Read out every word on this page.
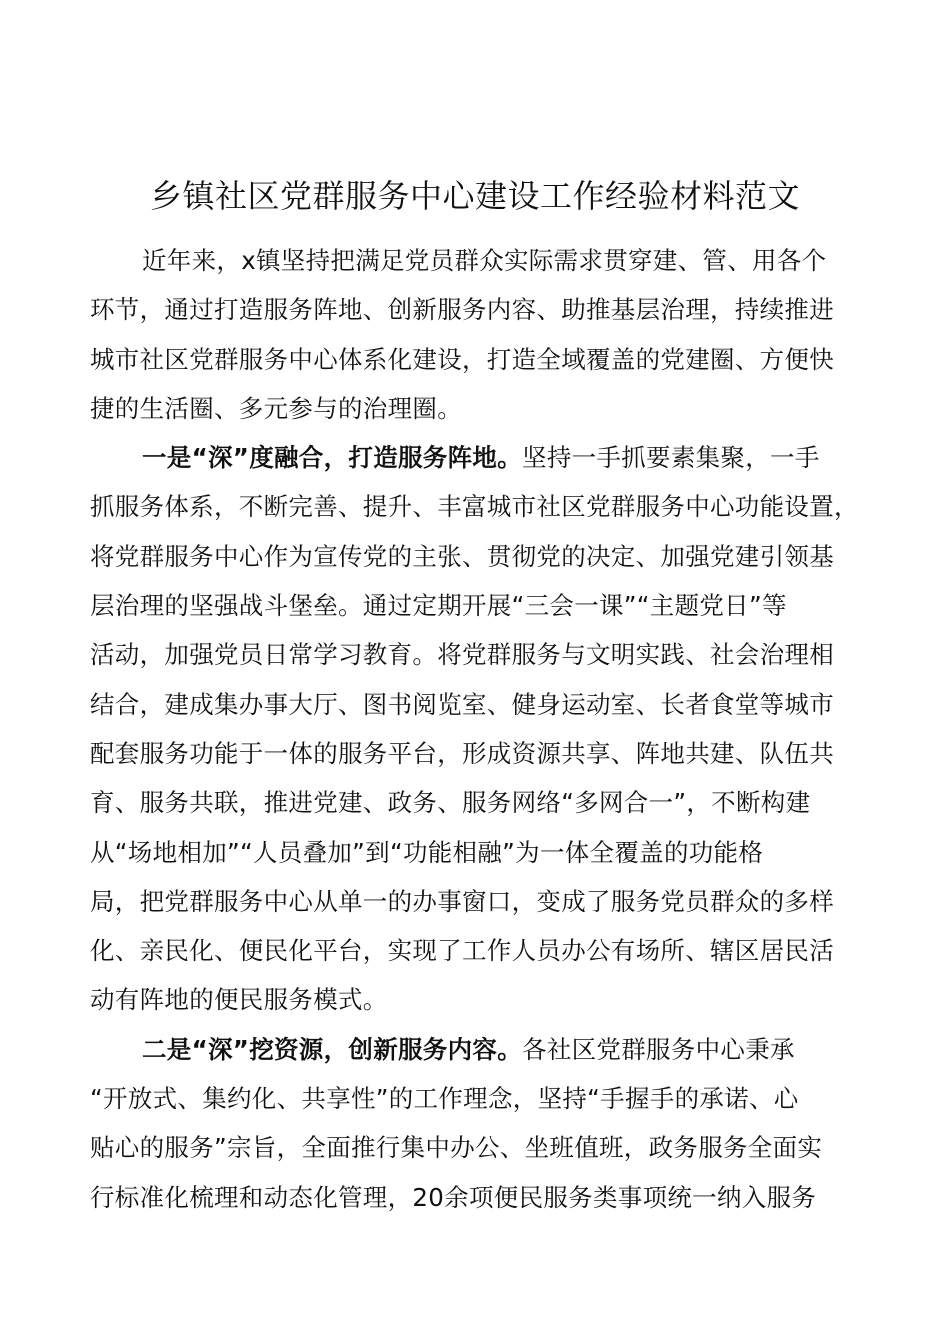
乡镇社区党群服务中心建设工作经验材料范文
近年来，x镇坚持把满足党员群众实际需求贯穿建、管、用各个
环节，通过打造服务阵地、创新服务内容、助推基层治理，持续推进
城市社区党群服务中心体系化建设，打造全域覆盖的党建圈、方便快
捷的生活圈、多元参与的治理圈。
一是“深”度融合，打造服务阵地。坚持一手抓要素集聚，一手
抓服务体系，不断完善、提升、丰富城市社区党群服务中心功能设置，
将党群服务中心作为宣传党的主张、贯彻党的决定、加强党建引领基
层治理的坚强战斗堡垒。通过定期开展“三会一课”“主题党日”等
活动，加强党员日常学习教育。将党群服务与文明实践、社会治理相
结合，建成集办事大厅、图书阅览室、健身运动室、长者食堂等城市
配套服务功能于一体的服务平台，形成资源共享、阵地共建、队伍共
育、服务共联，推进党建、政务、服务网络“多网合一”，不断构建
从“场地相加”“人员叠加”到“功能相融”为一体全覆盖的功能格
局，把党群服务中心从单一的办事窗口，变成了服务党员群众的多样
化、亲民化、便民化平台，实现了工作人员办公有场所、辖区居民活
动有阵地的便民服务模式。
二是“深”挖资源，创新服务内容。各社区党群服务中心秉承
“开放式、集约化、共享性”的工作理念，坚持“手握手的承诺、心
贴心的服务”宗旨，全面推行集中办公、坐班值班，政务服务全面实
行标准化梳理和动态化管理，20余项便民服务类事项统一纳入服务
